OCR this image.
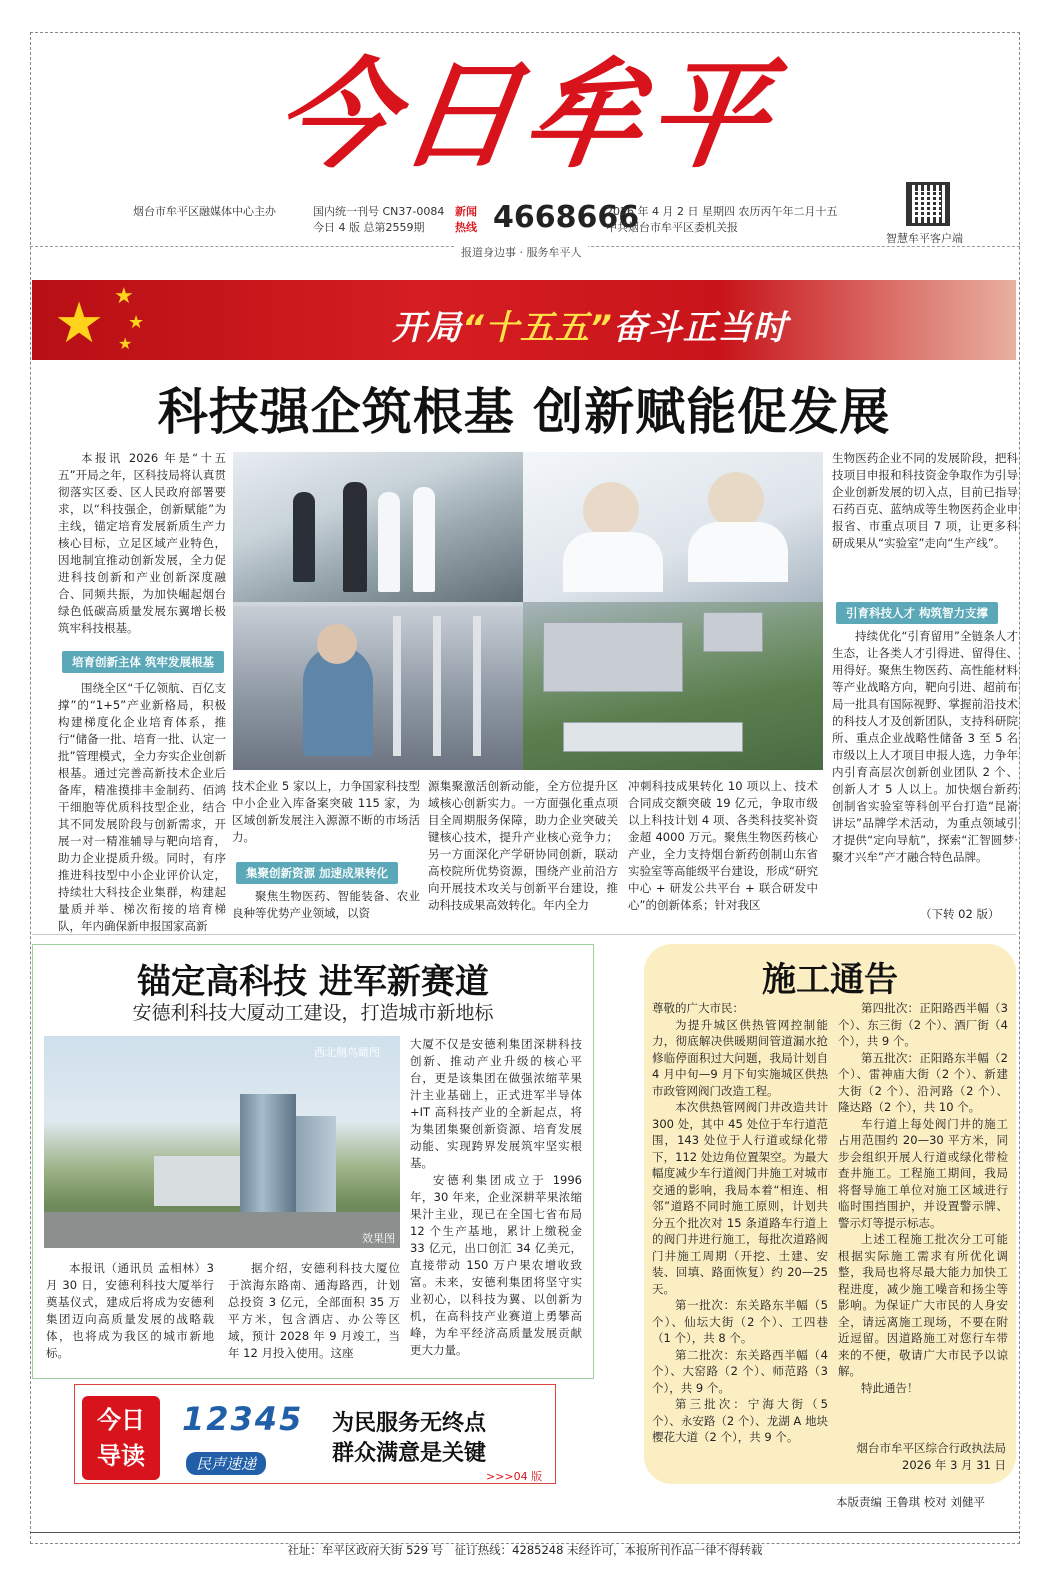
今日牟平
烟台市牟平区融媒体中心主办	国内统一刊号 CN37-0084
今日 4 版 总第2559期
新闻
热线 4668666
2026 年 4 月 2 日 星期四 农历丙午年二月十五
中共烟台市牟平区委机关报
智慧牟平客户端
报道身边事 · 服务牟平人
★ ★
★
★	开局“十五五”奋斗正当时
科技强企筑根基 创新赋能促发展

本报讯 2026 年是“十五五”开局之年，区科技局将认真贯彻落实区委、区人民政府部署要求，以“科技强企，创新赋能”为主线，锚定培育发展新质生产力核心目标，立足区域产业特色，因地制宜推动创新发展，全力促进科技创新和产业创新深度融合、同频共振，为加快崛起烟台绿色低碳高质量发展东翼增长极筑牢科技根基。

培育创新主体 筑牢发展根基

围绕全区“千亿领航、百亿支撑”的“1+5”产业新格局，积极构建梯度化企业培育体系，推行“储备一批、培育一批、认定一批”管理模式，全力夯实企业创新根基。通过完善高新技术企业后备库，精准摸排丰金制药、佰鸿干细胞等优质科技型企业，结合其不同发展阶段与创新需求，开展一对一精准辅导与靶向培育，助力企业提质升级。同时，有序推进科技型中小企业评价认定，持续壮大科技企业集群，构建起量质并举、梯次衔接的培育梯队，年内确保新申报国家高新

技术企业 5 家以上，力争国家科技型中小企业入库备案突破 115 家，为区域创新发展注入源源不断的市场活力。

集聚创新资源 加速成果转化

聚焦生物医药、智能装备、农业良种等优势产业领域，以资

源集聚激活创新动能，全方位提升区域核心创新实力。一方面强化重点项目全周期服务保障，助力企业突破关键核心技术，提升产业核心竞争力；另一方面深化产学研协同创新，联动高校院所优势资源，围绕产业前沿方向开展技术攻关与创新平台建设，推动科技成果高效转化。年内全力

冲刺科技成果转化 10 项以上、技术合同成交额突破 19 亿元，争取市级以上科技计划 4 项、各类科技奖补资金超 4000 万元。聚焦生物医药核心产业，全力支持烟台新药创制山东省实验室等高能级平台建设，形成“研究中心 + 研发公共平台 + 联合研发中心”的创新体系；针对我区

生物医药企业不同的发展阶段，把科技项目申报和科技资金争取作为引导企业创新发展的切入点，目前已指导石药百克、蓝纳成等生物医药企业申报省、市重点项目 7 项，让更多科研成果从“实验室”走向“生产线”。

引育科技人才 构筑智力支撑

持续优化“引育留用”全链条人才生态，让各类人才引得进、留得住、用得好。聚焦生物医药、高性能材料等产业战略方向，靶向引进、超前布局一批具有国际视野、掌握前沿技术的科技人才及创新团队，支持科研院所、重点企业战略性储备 3 至 5 名市级以上人才项目申报人选，力争年内引育高层次创新创业团队 2 个、创新人才 5 人以上。加快烟台新药创制省实验室等科创平台打造“昆嵛讲坛”品牌学术活动，为重点领域引才提供“定向导航”，探索“汇智圆梦·聚才兴牟”产才融合特色品牌。

（下转 02 版）
锚定高科技 进军新赛道
安德利科技大厦动工建设，打造城市新地标
西北侧鸟瞰图
效果图

本报讯（通讯员 孟相林）3 月 30 日，安德利科技大厦举行奠基仪式，建成后将成为安德利集团迈向高质量发展的战略载体，也将成为我区的城市新地标。

据介绍，安德利科技大厦位于滨海东路南、通海路西，计划总投资 3 亿元，全部面积 35 万平方米，包含酒店、办公等区域，预计 2028 年 9 月竣工，当年 12 月投入使用。这座

大厦不仅是安德利集团深耕科技创新、推动产业升级的核心平台，更是该集团在做强浓缩苹果汁主业基础上，正式进军半导体 +IT 高科技产业的全新起点，将为集团集聚创新资源、培育发展动能、实现跨界发展筑牢坚实根基。

安德利集团成立于 1996 年，30 年来，企业深耕苹果浓缩果汁主业，现已在全国七省布局 12 个生产基地，累计上缴税金 33 亿元，出口创汇 34 亿美元，直接带动 150 万户果农增收致富。未来，安德利集团将坚守实业初心，以科技为翼、以创新为机，在高科技产业赛道上勇攀高峰，为牟平经济高质量发展贡献更大力量。

施工通告

尊敬的广大市民：

为提升城区供热管网控制能力，彻底解决供暖期间管道漏水抢修临停面积过大问题，我局计划自 4 月中旬—9 月下旬实施城区供热市政管网阀门改造工程。

本次供热管网阀门井改造共计 300 处，其中 45 处位于车行道范围，143 处位于人行道或绿化带下，112 处边角位置架空。为最大幅度减少车行道阀门井施工对城市交通的影响，我局本着“相连、相邻”道路不同时施工原则，计划共分五个批次对 15 条道路车行道上的阀门井进行施工，每批次道路阀门井施工周期（开挖、土建、安装、回填、路面恢复）约 20—25 天。

第一批次：东关路东半幅（5 个）、仙坛大街（2 个）、工四巷（1 个），共 8 个。

第二批次：东关路西半幅（4 个）、大窑路（2 个）、师范路（3 个），共 9 个。

第三批次：宁海大街（5 个）、永安路（2 个）、龙湖 A 地块樱花大道（2 个），共 9 个。

第四批次：正阳路西半幅（3 个）、东三街（2 个）、酒厂街（4 个），共 9 个。

第五批次：正阳路东半幅（2 个）、雷神庙大街（2 个）、新建大街（2 个）、沿河路（2 个）、隆达路（2 个），共 10 个。

车行道上每处阀门井的施工占用范围约 20—30 平方米，同步会组织开展人行道或绿化带检查井施工。工程施工期间，我局将督导施工单位对施工区域进行临时围挡围护，并设置警示牌、警示灯等提示标志。

上述工程施工批次分工可能根据实际施工需求有所优化调整，我局也将尽最大能力加快工程进度，减少施工噪音和扬尘等影响。为保证广大市民的人身安全，请远离施工现场，不要在附近逗留。因道路施工对您行车带来的不便，敬请广大市民予以谅解。

特此通告！

烟台市牟平区综合行政执法局
2026 年 3 月 31 日
今日
导读
12345
民声速递
为民服务无终点
群众满意是关键
>>>04 版
本版责编 王鲁琪 校对 刘健平
社址：牟平区政府大街 529 号　征订热线：4285248 未经许可，本报所刊作品一律不得转载
